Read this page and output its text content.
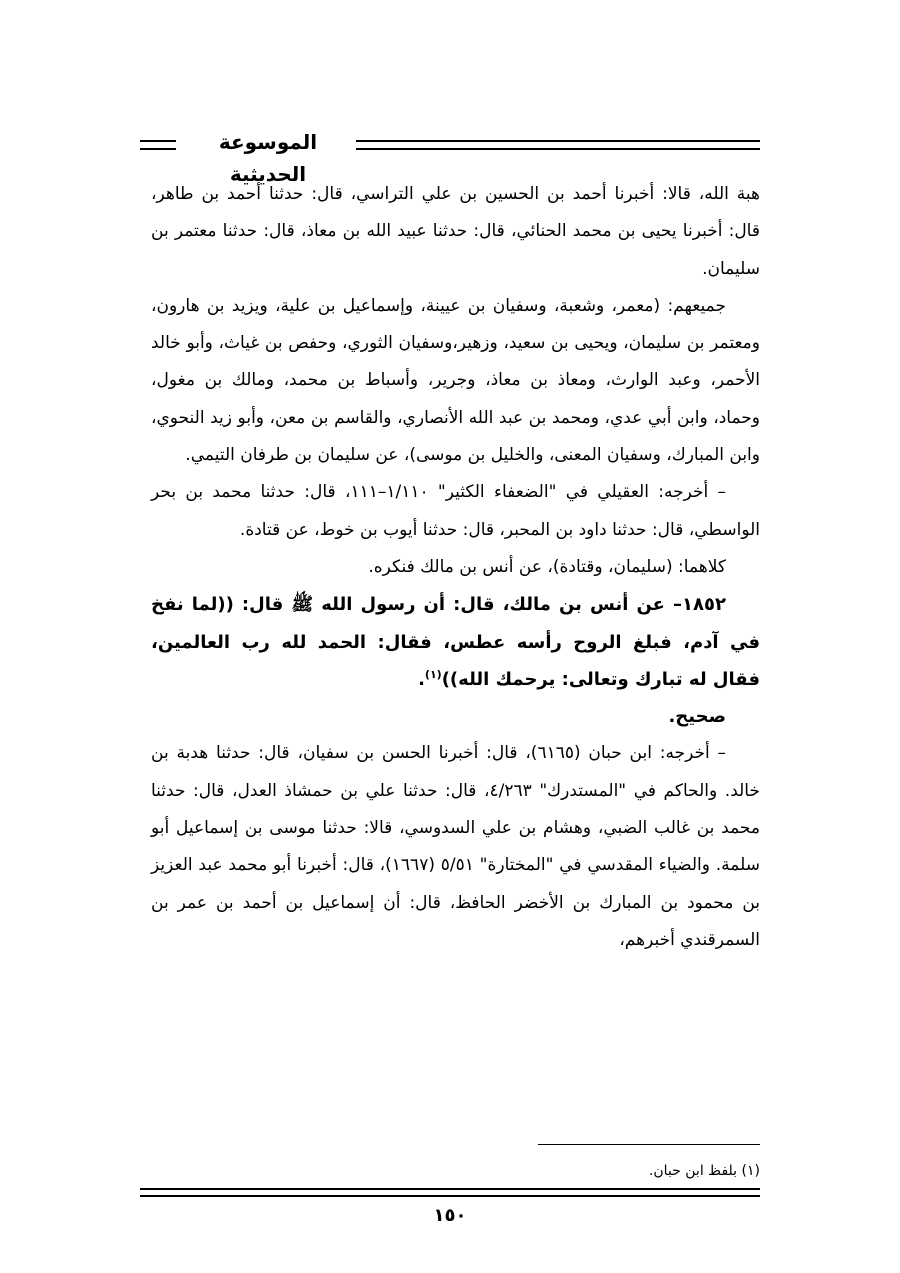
الموسوعة الحديثية

هبة الله، قالا: أخبرنا أحمد بن الحسين بن علي التراسي، قال: حدثنا أحمد بن طاهر، قال: أخبرنا يحيى بن محمد الحنائي، قال: حدثنا عبيد الله بن معاذ، قال: حدثنا معتمر بن سليمان.

جميعهم: (معمر، وشعبة، وسفيان بن عيينة، وإسماعيل بن علية، ويزيد بن هارون، ومعتمر بن سليمان، ويحيى بن سعيد، وزهير،وسفيان الثوري، وحفص بن غياث، وأبو خالد الأحمر، وعبد الوارث، ومعاذ بن معاذ، وجرير، وأسباط بن محمد، ومالك بن مغول، وحماد، وابن أبي عدي، ومحمد بن عبد الله الأنصاري، والقاسم بن معن، وأبو زيد النحوي، وابن المبارك، وسفيان المعنى، والخليل بن موسى)، عن سليمان بن طرفان التيمي.

– أخرجه: العقيلي في "الضعفاء الكثير" ١/١١٠–١١١، قال: حدثنا محمد بن بحر الواسطي، قال: حدثنا داود بن المحبر، قال: حدثنا أيوب بن خوط، عن قتادة.

كلاهما: (سليمان، وقتادة)، عن أنس بن مالك فنكره.

١٨٥٢– عن أنس بن مالك، قال: أن رسول الله ﷺ قال: ((لما نفخ في آدم، فبلغ الروح رأسه عطس، فقال: الحمد لله رب العالمين، فقال له تبارك وتعالى: يرحمك الله))$^{(١)}$.

صحيح.

– أخرجه: ابن حبان (٦١٦٥)، قال: أخبرنا الحسن بن سفيان، قال: حدثنا هدبة بن خالد. والحاكم في "المستدرك" ٤/٢٦٣، قال: حدثنا علي بن حمشاذ العدل، قال: حدثنا محمد بن غالب الضبي، وهشام بن علي السدوسي، قالا: حدثنا موسى بن إسماعيل أبو سلمة. والضياء المقدسي في "المختارة" ٥/٥١ (١٦٦٧)، قال: أخبرنا أبو محمد عبد العزيز بن محمود بن المبارك بن الأخضر الحافظ، قال: أن إسماعيل بن أحمد بن عمر بن السمرقندي أخبرهم،

(١) بلفظ ابن حبان.
١٥٠
